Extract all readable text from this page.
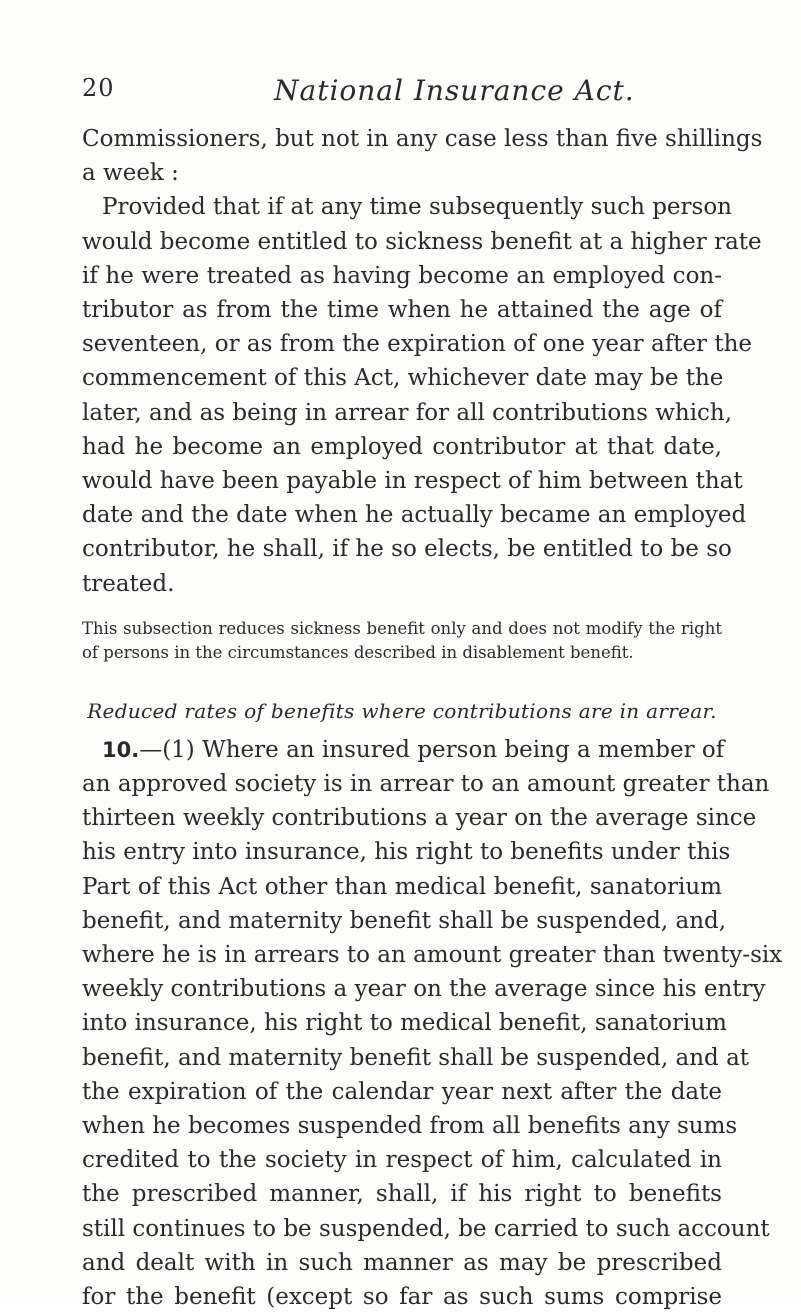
20	National Insurance Act.

Commissioners, but not in any case less than five shillings
a week :

Provided that if at any time subsequently such person
would become entitled to sickness benefit at a higher rate
if he were treated as having become an employed con-
tributor as from the time when he attained the age of
seventeen, or as from the expiration of one year after the
commencement of this Act, whichever date may be the
later, and as being in arrear for all contributions which,
had he become an employed contributor at that date,
would have been payable in respect of him between that
date and the date when he actually became an employed
contributor, he shall, if he so elects, be entitled to be so
treated.

This subsection reduces sickness benefit only and does not modify the right
of persons in the circumstances described in disablement benefit.

Reduced rates of benefits where contributions are in arrear.

10.—(1) Where an insured person being a member of
an approved society is in arrear to an amount greater than
thirteen weekly contributions a year on the average since
his entry into insurance, his right to benefits under this
Part of this Act other than medical benefit, sanatorium
benefit, and maternity benefit shall be suspended, and,
where he is in arrears to an amount greater than twenty-six
weekly contributions a year on the average since his entry
into insurance, his right to medical benefit, sanatorium
benefit, and maternity benefit shall be suspended, and at
the expiration of the calendar year next after the date
when he becomes suspended from all benefits any sums
credited to the society in respect of him, calculated in
the prescribed manner, shall, if his right to benefits
still continues to be suspended, be carried to such account
and dealt with in such manner as may be prescribed
for the benefit (except so far as such sums comprise
